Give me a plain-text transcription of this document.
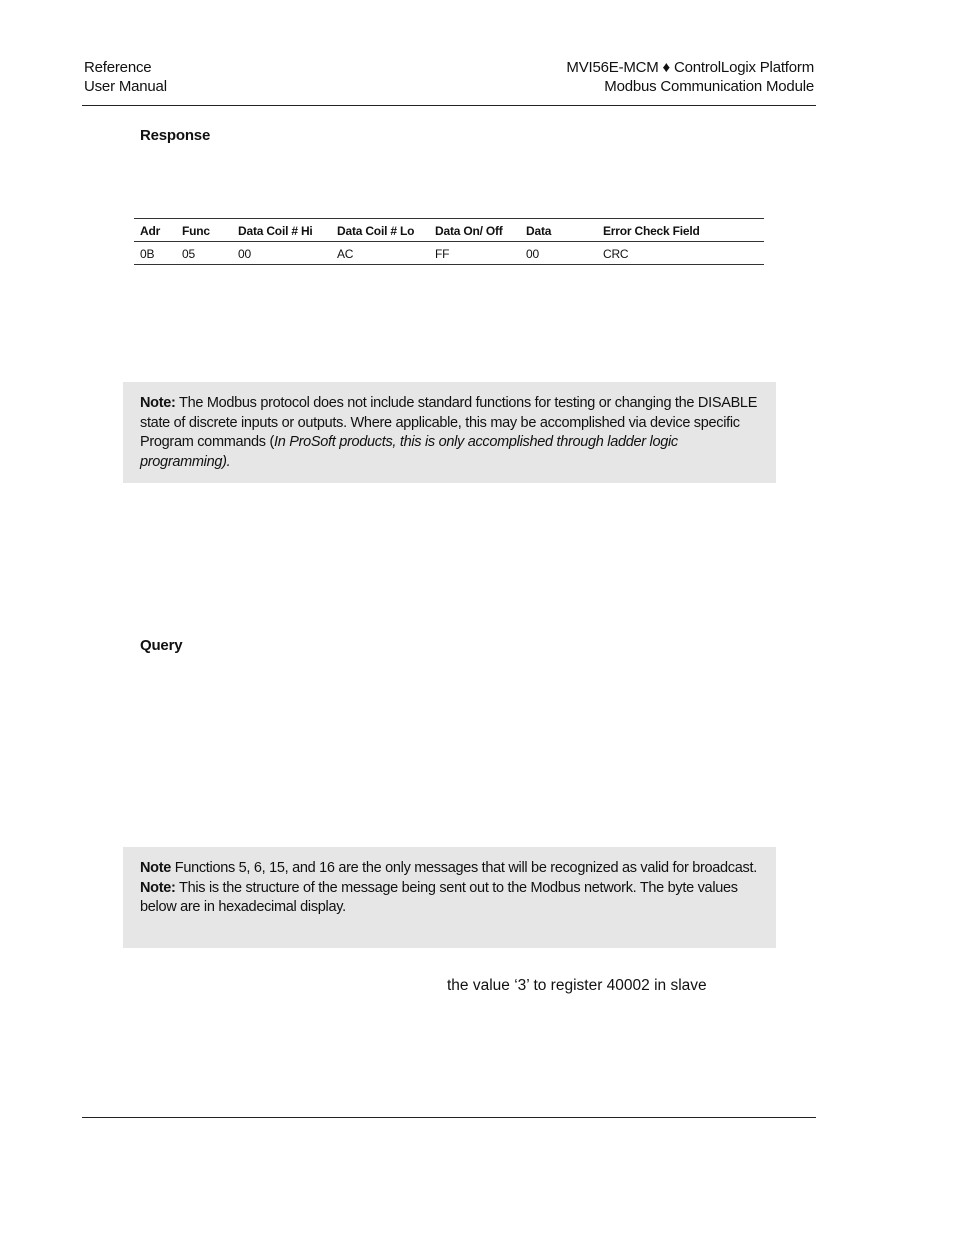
Reference
User Manual
MVI56E-MCM ♦ ControlLogix Platform
Modbus Communication Module
Response
Adr	Func	Data Coil # Hi	Data Coil # Lo	Data On/ Off	Data	Error Check Field
0B	05	00	AC	FF	00	CRC
Note: The Modbus protocol does not include standard functions for testing or changing the DISABLE state of discrete inputs or outputs. Where applicable, this may be accomplished via device specific Program commands (In ProSoft products, this is only accomplished through ladder logic programming).
Query
Note Functions 5, 6, 15, and 16 are the only messages that will be recognized as valid for broadcast.
Note: This is the structure of the message being sent out to the Modbus network. The byte values below are in hexadecimal display.
the value ‘3’ to register 40002 in slave
